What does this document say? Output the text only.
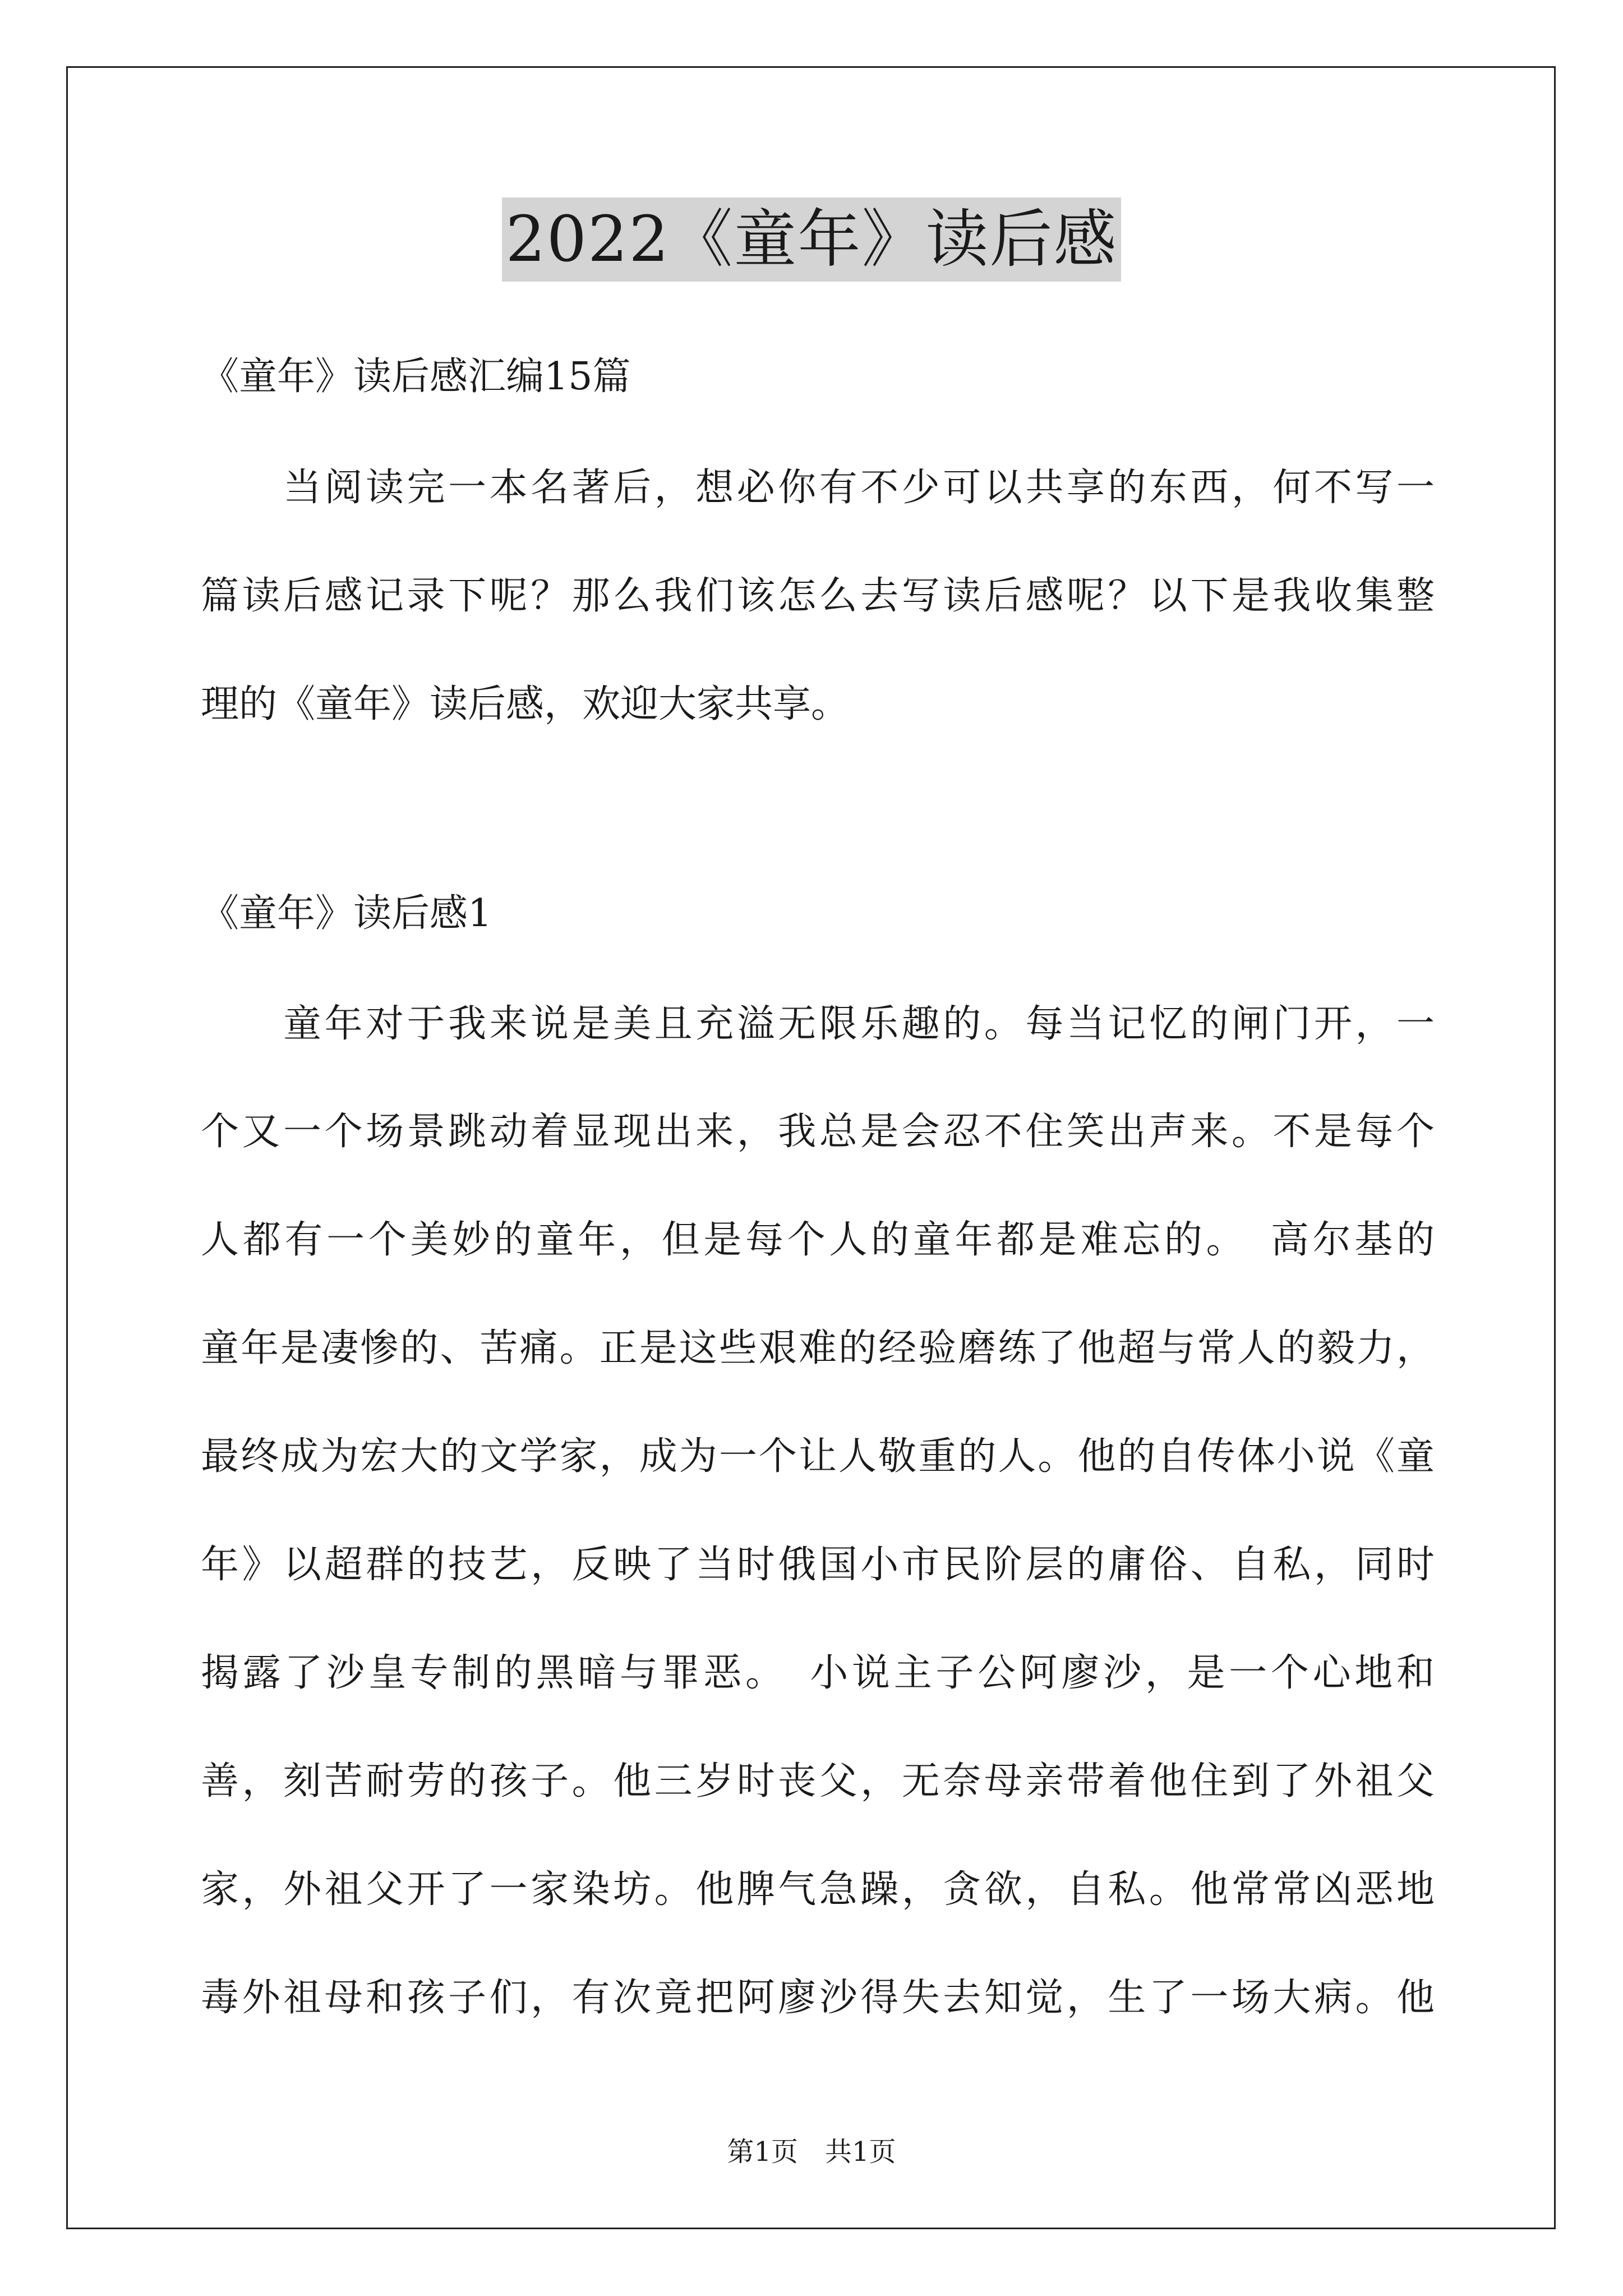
2022《童年》读后感
《童年》读后感汇编15篇
当阅读完一本名著后，想必你有不少可以共享的东西，何不写一
篇读后感记录下呢？那么我们该怎么去写读后感呢？以下是我收集整
理的《童年》读后感，欢迎大家共享。
《童年》读后感1
童年对于我来说是美且充溢无限乐趣的。每当记忆的闸门开，一
个又一个场景跳动着显现出来，我总是会忍不住笑出声来。不是每个
人都有一个美妙的童年，但是每个人的童年都是难忘的。　高尔基的
童年是凄惨的、苦痛。正是这些艰难的经验磨练了他超与常人的毅力，
最终成为宏大的文学家，成为一个让人敬重的人。他的自传体小说《童
年》以超群的技艺，反映了当时俄国小市民阶层的庸俗、自私，同时
揭露了沙皇专制的黑暗与罪恶。　小说主子公阿廖沙，是一个心地和
善，刻苦耐劳的孩子。他三岁时丧父，无奈母亲带着他住到了外祖父
家，外祖父开了一家染坊。他脾气急躁，贪欲，自私。他常常凶恶地
毒外祖母和孩子们，有次竟把阿廖沙得失去知觉，生了一场大病。他
第1页　共1页
